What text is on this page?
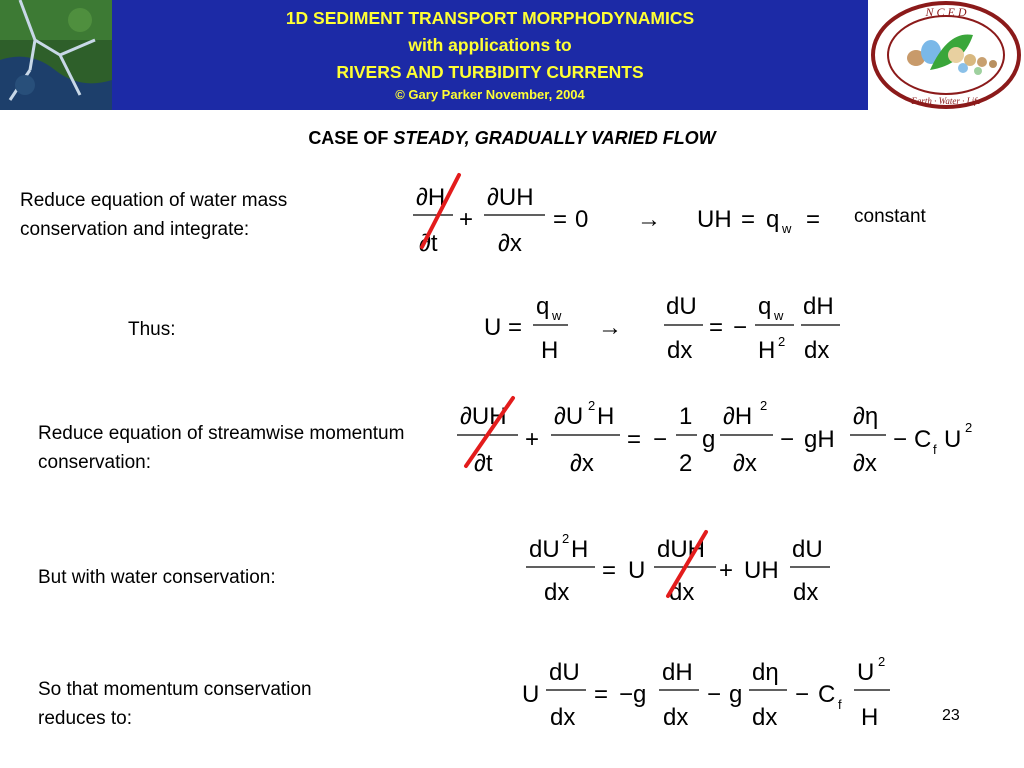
1D SEDIMENT TRANSPORT MORPHODYNAMICS
with applications to
RIVERS AND TURBIDITY CURRENTS
© Gary Parker November, 2004
N C E D
Earth · Water · Life
CASE OF STEADY, GRADUALLY VARIED FLOW
Reduce equation of water mass conservation and integrate:
constant
Thus:
Reduce equation of streamwise momentum conservation:
But with water conservation:
So that momentum conservation reduces to:
∂H
∂t
+
∂UH
∂x
= 0 → UH = q w =
U =
q w
H
→
dU
dx
= −
q w
H 2
dH
dx
∂UH
∂t
+
∂U 2 H
∂x
= −
1
2
g
∂H 2
∂x
− gH
∂η
∂x
− C f U 2
dU 2 H
dx
= U
dUH
dx
+ UH
dU
dx
U
dU
dx
= −g
dH
dx
− g
dη
dx
− C f
U 2
H	23
